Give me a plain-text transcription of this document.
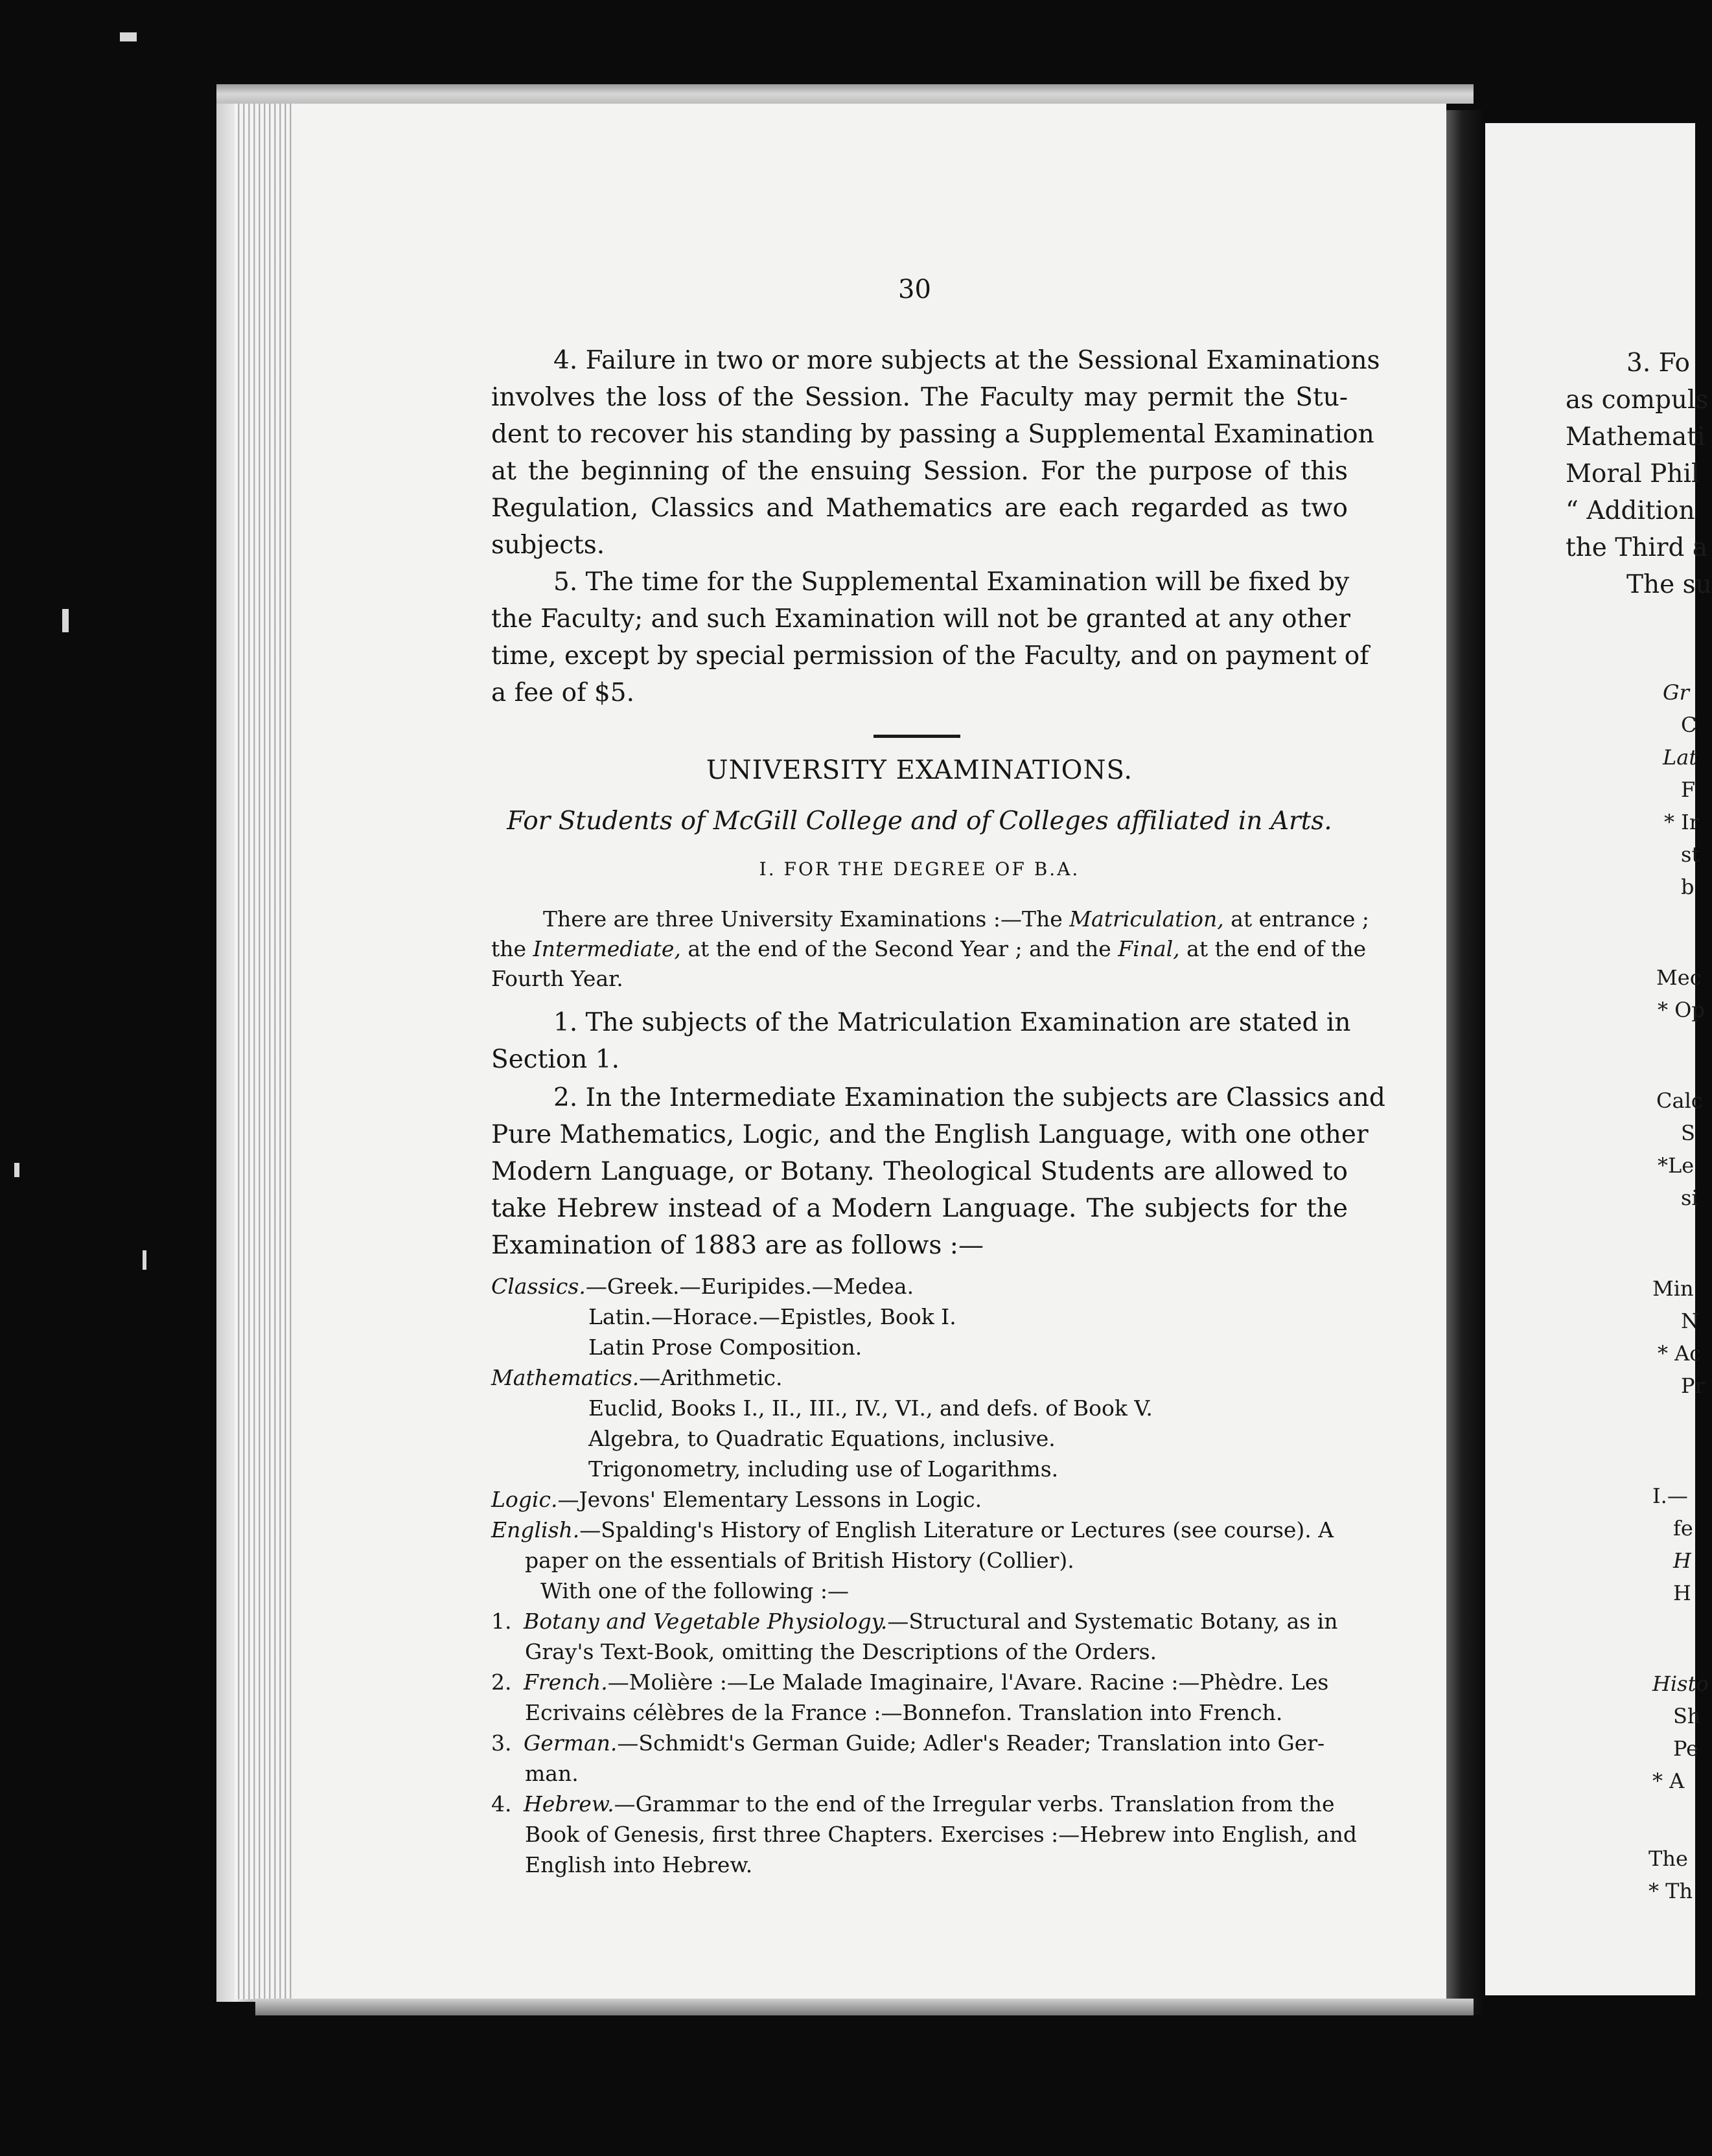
30
4. Failure in two or more subjects at the Sessional Examinations
involves the loss of the Session. The Faculty may permit the Stu-
dent to recover his standing by passing a Supplemental Examination
at the beginning of the ensuing Session. For the purpose of this
Regulation, Classics and Mathematics are each regarded as two
subjects.
5. The time for the Supplemental Examination will be fixed by
the Faculty; and such Examination will not be granted at any other
time, except by special permission of the Faculty, and on payment of
a fee of $5.
UNIVERSITY EXAMINATIONS.
For Students of McGill College and of Colleges affiliated in Arts.
I. FOR THE DEGREE OF B.A.
There are three University Examinations :—The Matriculation, at entrance ;
the Intermediate, at the end of the Second Year ; and the Final, at the end of the
Fourth Year.
1. The subjects of the Matriculation Examination are stated in
Section 1.
2. In the Intermediate Examination the subjects are Classics and
Pure Mathematics, Logic, and the English Language, with one other
Modern Language, or Botany. Theological Students are allowed to
take Hebrew instead of a Modern Language. The subjects for the
Examination of 1883 are as follows :—
Classics.—Greek.—Euripides.—Medea.
Latin.—Horace.—Epistles, Book I.
Latin Prose Composition.
Mathematics.—Arithmetic.
Euclid, Books I., II., III., IV., VI., and defs. of Book V.
Algebra, to Quadratic Equations, inclusive.
Trigonometry, including use of Logarithms.
Logic.—Jevons' Elementary Lessons in Logic.
English.—Spalding's History of English Literature or Lectures (see course). A
paper on the essentials of British History (Collier).
With one of the following :—
1. Botany and Vegetable Physiology.—Structural and Systematic Botany, as in
Gray's Text-Book, omitting the Descriptions of the Orders.
2. French.—Molière :—Le Malade Imaginaire, l'Avare. Racine :—Phèdre. Les
Ecrivains célèbres de la France :—Bonnefon. Translation into French.
3. German.—Schmidt's German Guide; Adler's Reader; Translation into Ger-
man.
4. Hebrew.—Grammar to the end of the Irregular verbs. Translation from the
Book of Genesis, first three Chapters. Exercises :—Hebrew into English, and
English into Hebrew.
3. Fo
as compuls
Mathemati
Moral Phil
“ Addition
the Third a
The su
Gr
C
Lat
F
* Ir
st
b
Mec
* Op
Calc
S
*Le
si
Min
N
* Ac
Pr
I.—
fe
H
H
Histo
Sh
Pe
* A
The
* Th
